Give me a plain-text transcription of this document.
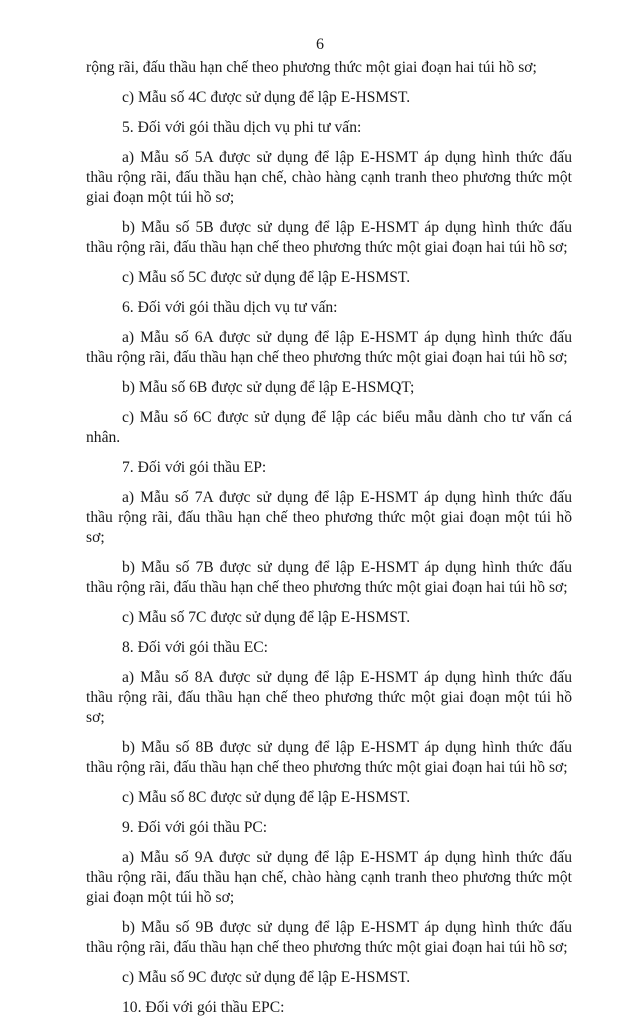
6

rộng rãi, đấu thầu hạn chế theo phương thức một giai đoạn hai túi hồ sơ;

c) Mẫu số 4C được sử dụng để lập E-HSMST.

5. Đối với gói thầu dịch vụ phi tư vấn:

a) Mẫu số 5A được sử dụng để lập E-HSMT áp dụng hình thức đấu thầu rộng rãi, đấu thầu hạn chế, chào hàng cạnh tranh theo phương thức một giai đoạn một túi hồ sơ;

b) Mẫu số 5B được sử dụng để lập E-HSMT áp dụng hình thức đấu thầu rộng rãi, đấu thầu hạn chế theo phương thức một giai đoạn hai túi hồ sơ;

c) Mẫu số 5C được sử dụng để lập E-HSMST.

6. Đối với gói thầu dịch vụ tư vấn:

a) Mẫu số 6A được sử dụng để lập E-HSMT áp dụng hình thức đấu thầu rộng rãi, đấu thầu hạn chế theo phương thức một giai đoạn hai túi hồ sơ;

b) Mẫu số 6B được sử dụng để lập E-HSMQT;

c) Mẫu số 6C được sử dụng để lập các biểu mẫu dành cho tư vấn cá nhân.

7. Đối với gói thầu EP:

a) Mẫu số 7A được sử dụng để lập E-HSMT áp dụng hình thức đấu thầu rộng rãi, đấu thầu hạn chế theo phương thức một giai đoạn một túi hồ sơ;

b) Mẫu số 7B được sử dụng để lập E-HSMT áp dụng hình thức đấu thầu rộng rãi, đấu thầu hạn chế theo phương thức một giai đoạn hai túi hồ sơ;

c) Mẫu số 7C được sử dụng để lập E-HSMST.

8. Đối với gói thầu EC:

a) Mẫu số 8A được sử dụng để lập E-HSMT áp dụng hình thức đấu thầu rộng rãi, đấu thầu hạn chế theo phương thức một giai đoạn một túi hồ sơ;

b) Mẫu số 8B được sử dụng để lập E-HSMT áp dụng hình thức đấu thầu rộng rãi, đấu thầu hạn chế theo phương thức một giai đoạn hai túi hồ sơ;

c) Mẫu số 8C được sử dụng để lập E-HSMST.

9. Đối với gói thầu PC:

a) Mẫu số 9A được sử dụng để lập E-HSMT áp dụng hình thức đấu thầu rộng rãi, đấu thầu hạn chế, chào hàng cạnh tranh theo phương thức một giai đoạn một túi hồ sơ;

b) Mẫu số 9B được sử dụng để lập E-HSMT áp dụng hình thức đấu thầu rộng rãi, đấu thầu hạn chế theo phương thức một giai đoạn hai túi hồ sơ;

c) Mẫu số 9C được sử dụng để lập E-HSMST.

10. Đối với gói thầu EPC:
